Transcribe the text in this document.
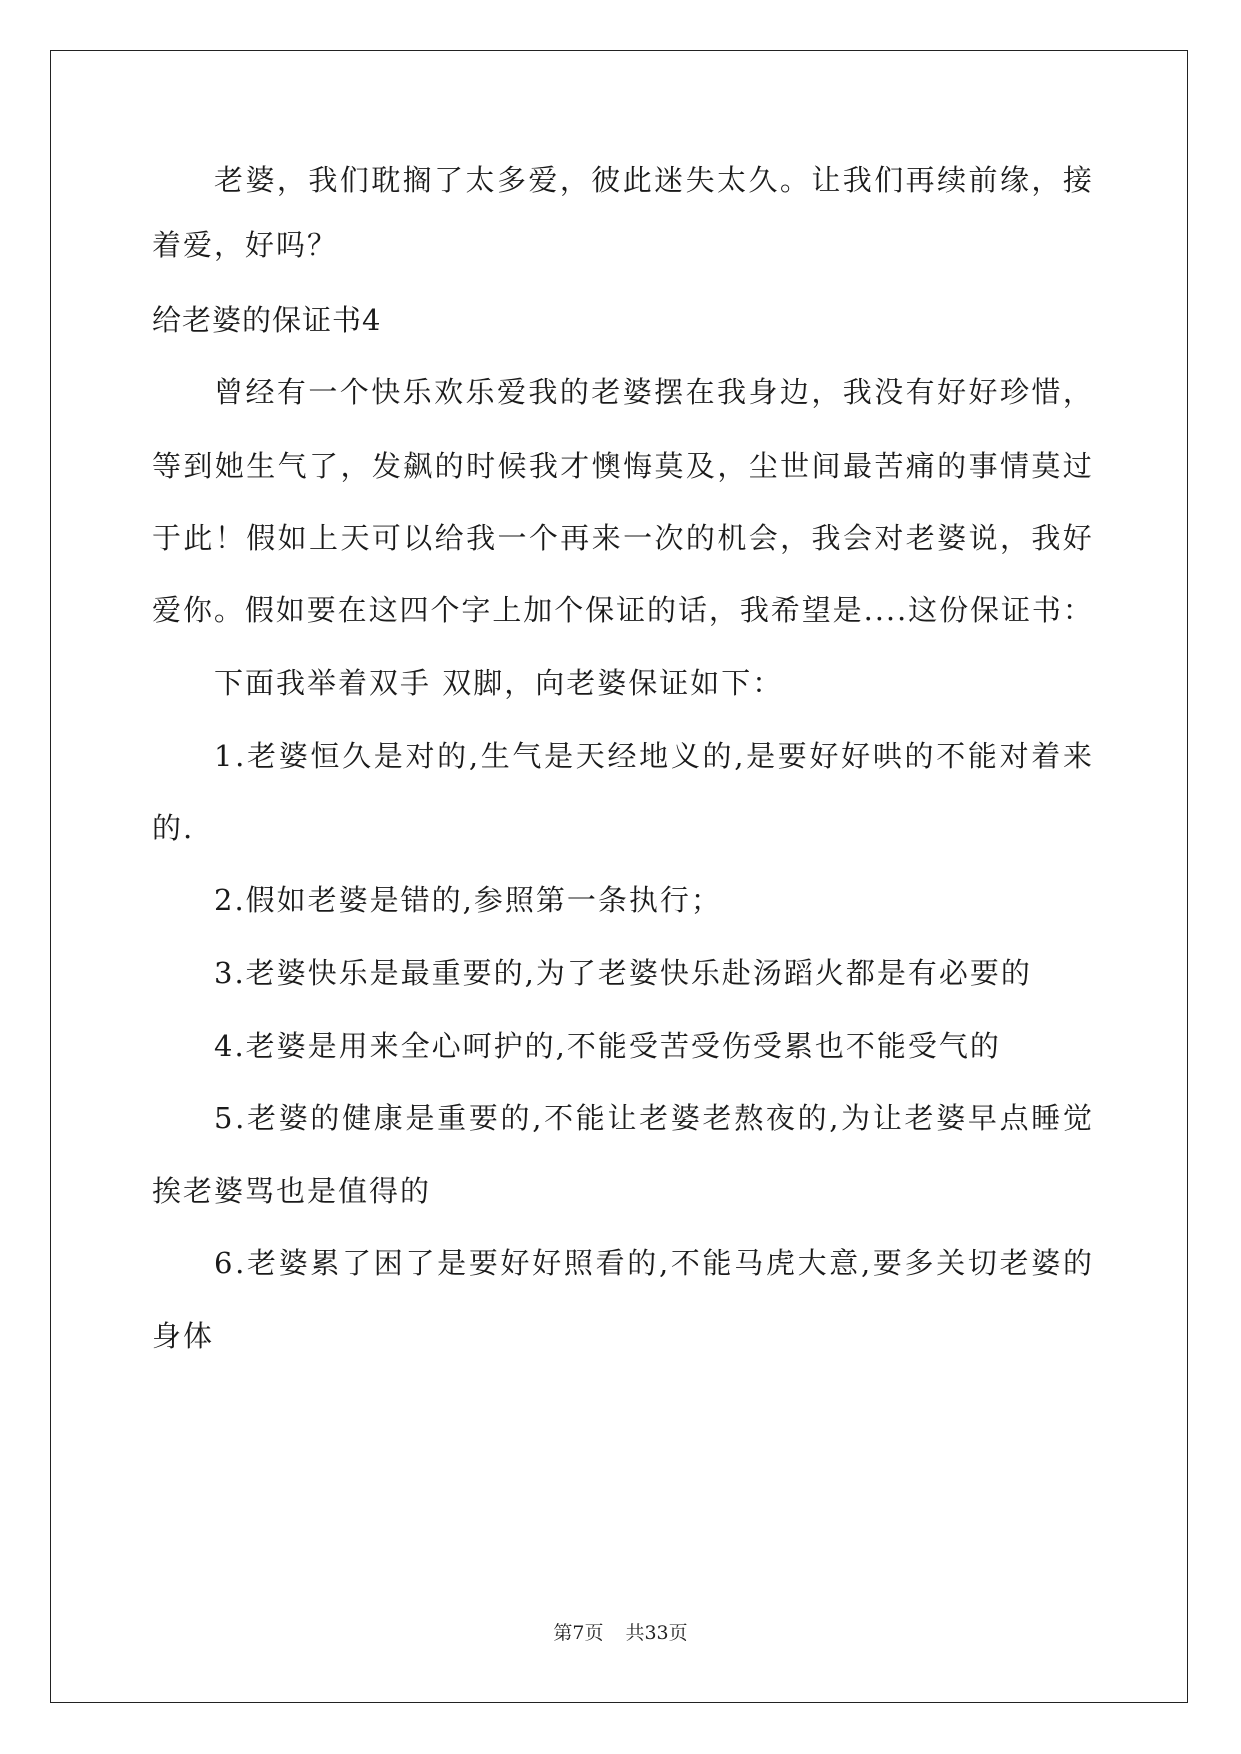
老 婆 ， 我 们 耽 搁 了 太 多 爱 ， 彼 此 迷 失 太 久 。 让 我 们 再 续 前 缘 ， 接
着爱，好吗？
给老婆的保证书4
曾 经 有 一 个 快 乐 欢 乐 爱 我 的 老 婆 摆 在 我 身 边 ， 我 没 有 好 好 珍 惜 ，
等 到 她 生 气 了 ， 发 飙 的 时 候 我 才 懊 悔 莫 及 ， 尘 世 间 最 苦 痛 的 事 情 莫 过
于 此 ！ 假 如 上 天 可 以 给 我 一 个 再 来 一 次 的 机 会 ， 我 会 对 老 婆 说 ， 我 好
爱 你 。 假 如 要 在 这 四 个 字 上 加 个 保 证 的 话 ， 我 希 望 是 . . . . 这 份 保 证 书 ：
下面我举着双手 双脚，向老婆保证如下：
1 . 老 婆 恒 久 是 对 的 , 生 气 是 天 经 地 义 的 , 是 要 好 好 哄 的 不 能 对 着 来
的.
2.假如老婆是错的,参照第一条执行；
3.老婆快乐是最重要的,为了老婆快乐赴汤蹈火都是有必要的
4.老婆是用来全心呵护的,不能受苦受伤受累也不能受气的
5 . 老 婆 的 健 康 是 重 要 的 , 不 能 让 老 婆 老 熬 夜 的 , 为 让 老 婆 早 点 睡 觉
挨老婆骂也是值得的
6 . 老 婆 累 了 困 了 是 要 好 好 照 看 的 , 不 能 马 虎 大 意 , 要 多 关 切 老 婆 的
身体
第7页 共33页
